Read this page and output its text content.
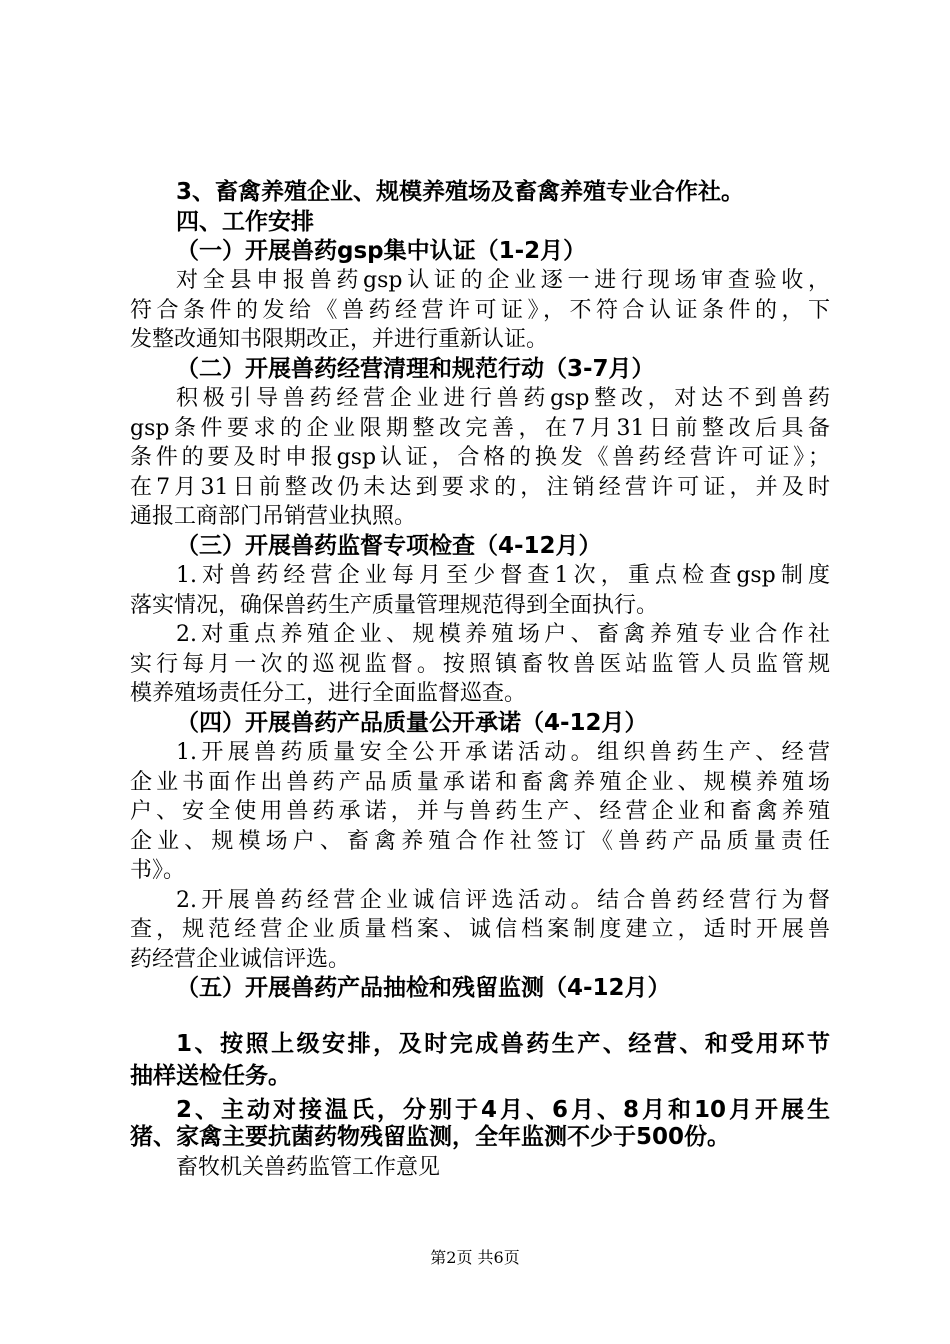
3、畜禽养殖企业、规模养殖场及畜禽养殖专业合作社。
四、工作安排
（一）开展兽药gsp集中认证（1-2月）
对全县申报兽药gsp认证的企业逐一进行现场审查验收，
符合条件的发给《兽药经营许可证》，不符合认证条件的，下
发整改通知书限期改正，并进行重新认证。
（二）开展兽药经营清理和规范行动（3-7月）
积极引导兽药经营企业进行兽药gsp整改，对达不到兽药
gsp条件要求的企业限期整改完善，在7月31日前整改后具备
条件的要及时申报gsp认证，合格的换发《兽药经营许可证》；
在7月31日前整改仍未达到要求的，注销经营许可证，并及时
通报工商部门吊销营业执照。
（三）开展兽药监督专项检查（4-12月）
1.对兽药经营企业每月至少督查1次，重点检查gsp制度
落实情况，确保兽药生产质量管理规范得到全面执行。
2.对重点养殖企业、规模养殖场户、畜禽养殖专业合作社
实行每月一次的巡视监督。按照镇畜牧兽医站监管人员监管规
模养殖场责任分工，进行全面监督巡查。
（四）开展兽药产品质量公开承诺（4-12月）
1.开展兽药质量安全公开承诺活动。组织兽药生产、经营
企业书面作出兽药产品质量承诺和畜禽养殖企业、规模养殖场
户、安全使用兽药承诺，并与兽药生产、经营企业和畜禽养殖
企业、规模场户、畜禽养殖合作社签订《兽药产品质量责任
书》。
2.开展兽药经营企业诚信评选活动。结合兽药经营行为督
查，规范经营企业质量档案、诚信档案制度建立，适时开展兽
药经营企业诚信评选。
（五）开展兽药产品抽检和残留监测（4-12月）
1、按照上级安排，及时完成兽药生产、经营、和受用环节
抽样送检任务。
2、主动对接温氏，分别于4月、6月、8月和10月开展生
猪、家禽主要抗菌药物残留监测，全年监测不少于500份。
畜牧机关兽药监管工作意见
第2页 共6页
